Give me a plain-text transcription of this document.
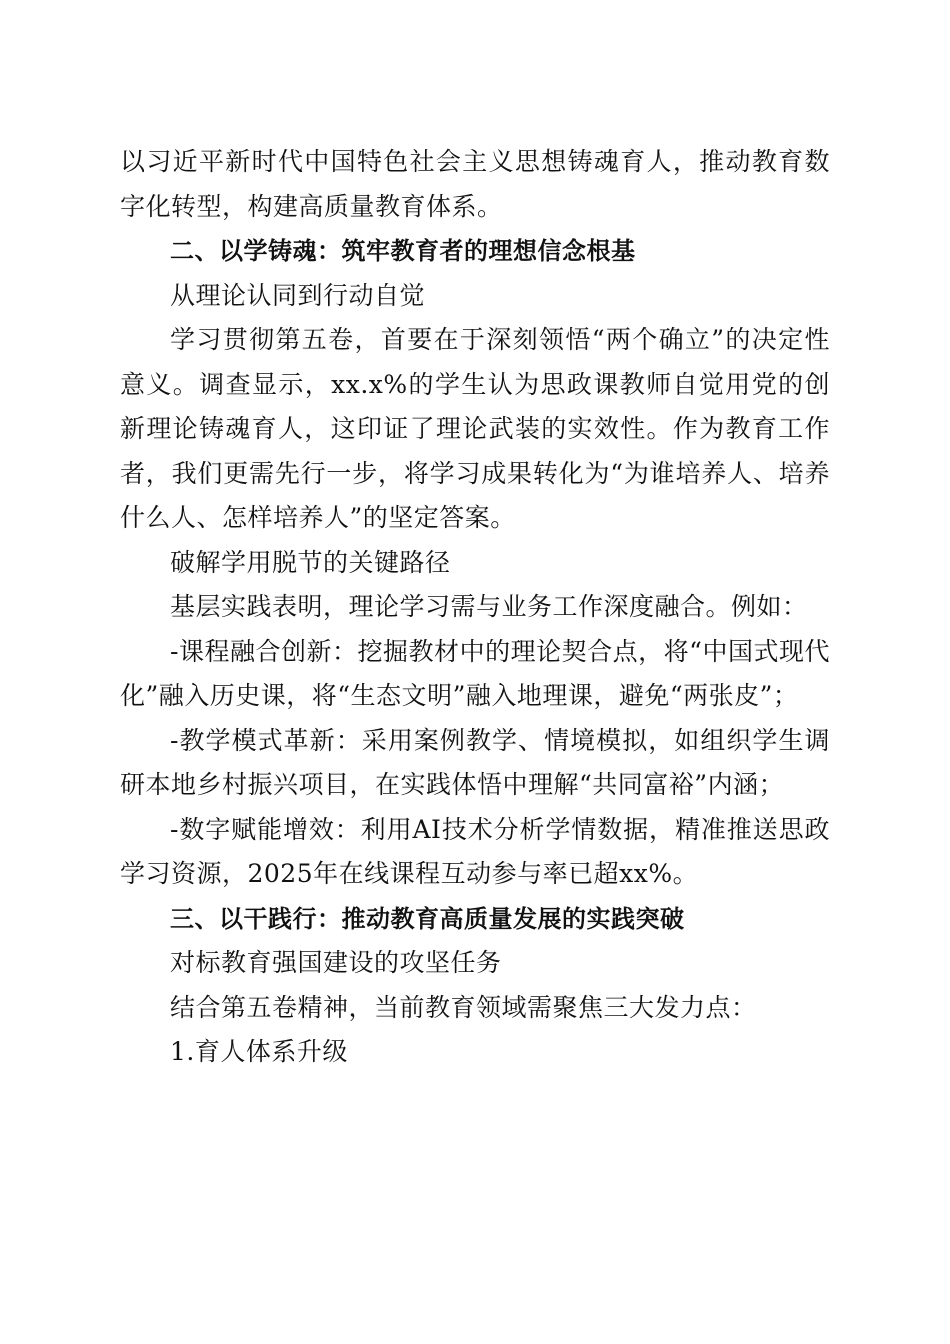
以习近平新时代中国特色社会主义思想铸魂育人，推动教育数字化转型，构建高质量教育体系。

二、以学铸魂：筑牢教育者的理想信念根基

从理论认同到行动自觉

学习贯彻第五卷，首要在于深刻领悟“两个确立”的决定性意义。调查显示，xx.x%的学生认为思政课教师自觉用党的创新理论铸魂育人，这印证了理论武装的实效性。作为教育工作者，我们更需先行一步，将学习成果转化为“为谁培养人、培养什么人、怎样培养人”的坚定答案。

破解学用脱节的关键路径

基层实践表明，理论学习需与业务工作深度融合。例如：

-课程融合创新：挖掘教材中的理论契合点，将“中国式现代化”融入历史课，将“生态文明”融入地理课，避免“两张皮”；

-教学模式革新：采用案例教学、情境模拟，如组织学生调研本地乡村振兴项目，在实践体悟中理解“共同富裕”内涵；

-数字赋能增效：利用AI技术分析学情数据，精准推送思政学习资源，2025年在线课程互动参与率已超xx%。

三、以干践行：推动教育高质量发展的实践突破

对标教育强国建设的攻坚任务

结合第五卷精神，当前教育领域需聚焦三大发力点：

1.育人体系升级
